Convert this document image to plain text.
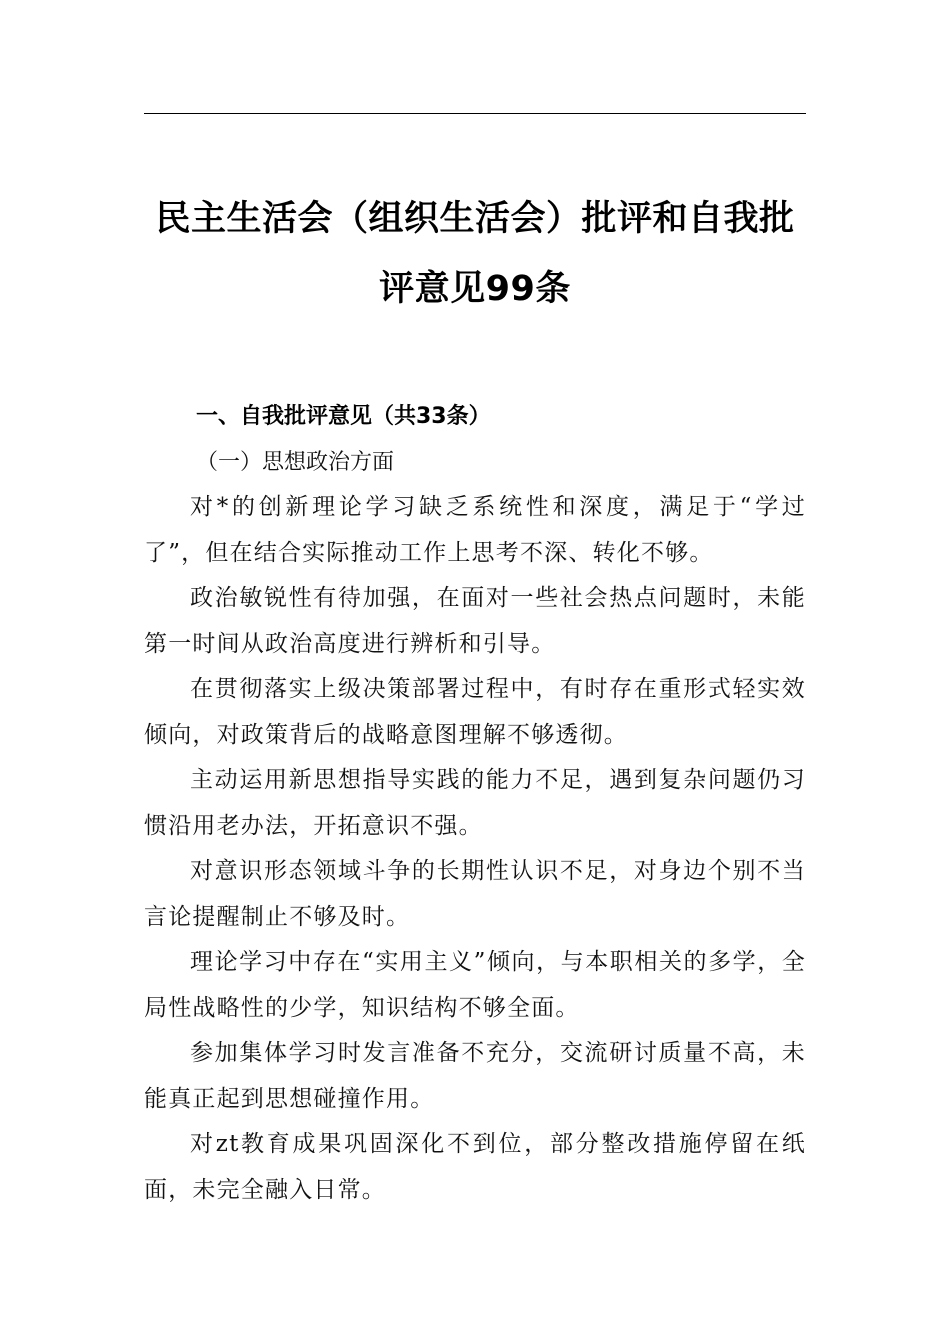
民主生活会（组织生活会）批评和自我批
评意见99条
一、自我批评意见（共33条）
（一）思想政治方面

对*的创新理论学习缺乏系统性和深度，满足于“学过了”，但在结合实际推动工作上思考不深、转化不够。

政治敏锐性有待加强，在面对一些社会热点问题时，未能第一时间从政治高度进行辨析和引导。

在贯彻落实上级决策部署过程中，有时存在重形式轻实效倾向，对政策背后的战略意图理解不够透彻。

主动运用新思想指导实践的能力不足，遇到复杂问题仍习惯沿用老办法，开拓意识不强。

对意识形态领域斗争的长期性认识不足，对身边个别不当言论提醒制止不够及时。

理论学习中存在“实用主义”倾向，与本职相关的多学，全局性战略性的少学，知识结构不够全面。

参加集体学习时发言准备不充分，交流研讨质量不高，未能真正起到思想碰撞作用。

对zt教育成果巩固深化不到位，部分整改措施停留在纸面，未完全融入日常。
